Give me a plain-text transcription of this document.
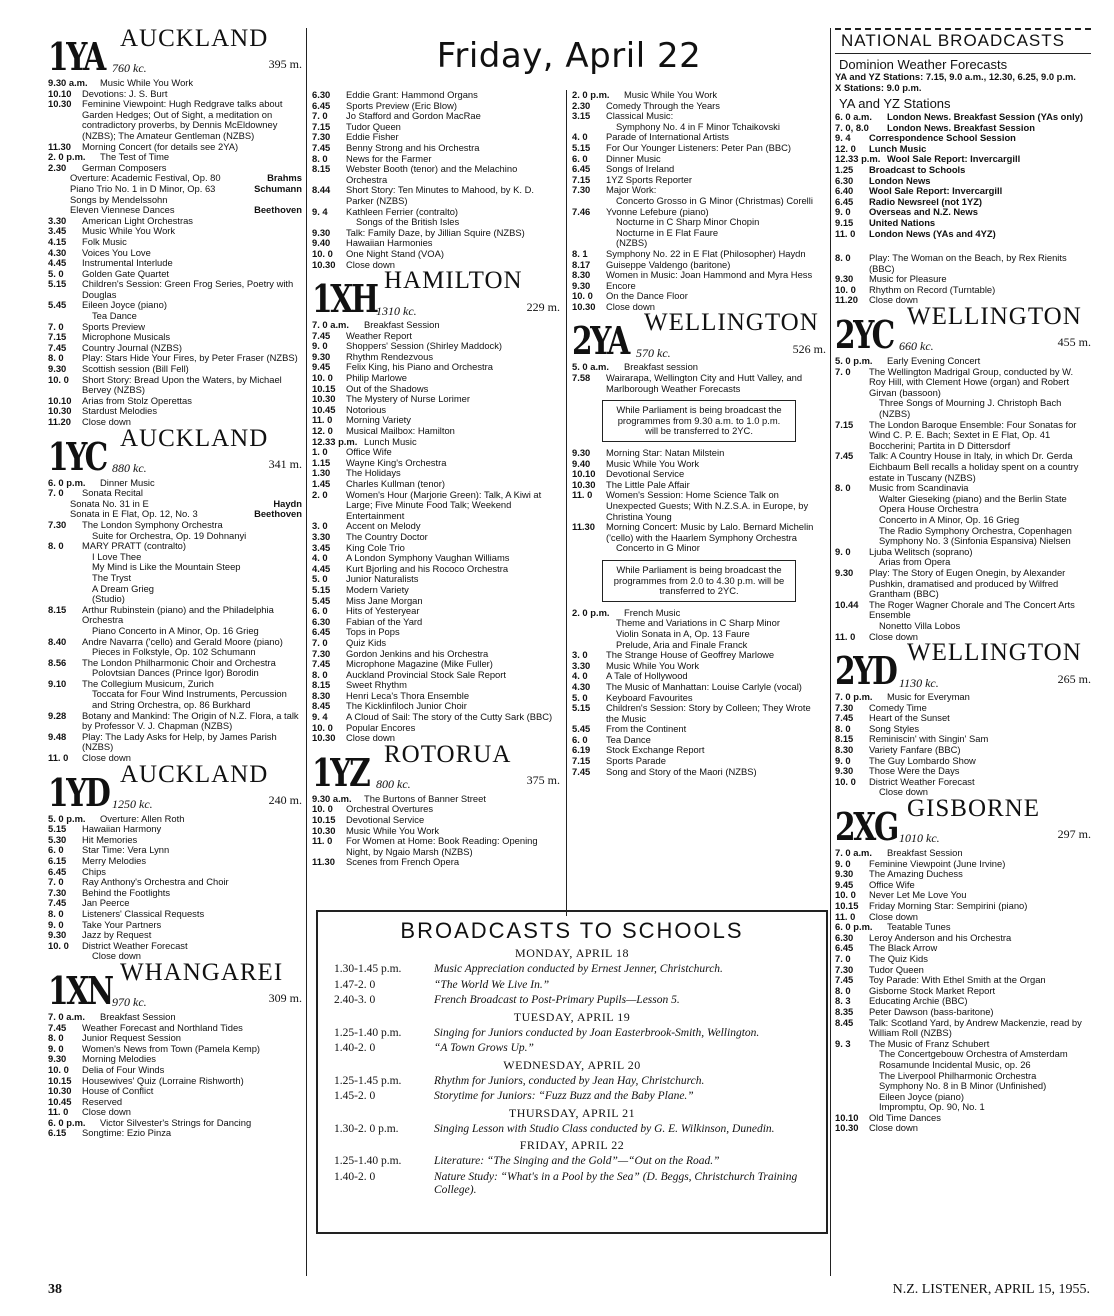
Friday, April 22
1YA AUCKLAND
760 kc.	395 m.
9.30 a.m.	Music While You Work
10.10	Devotions: J. S. Burt
10.30	Feminine Viewpoint: Hugh Redgrave talks about Garden Hedges; Out of Sight, a meditation on contradictory proverbs, by Dennis McEldowney (NZBS); The Amateur Gentleman (NZBS)
11.30	Morning Concert (for details see 2YA)
2. 0 p.m.	The Test of Time
2.30	German Composers
Overture: Academic Festival, Op. 80	Brahms
Piano Trio No. 1 in D Minor, Op. 63	Schumann
Songs by Mendelssohn
Eleven Viennese Dances	Beethoven
3.30	American Light Orchestras
3.45	Music While You Work
4.15	Folk Music
4.30	Voices You Love
4.45	Instrumental Interlude
5. 0	Golden Gate Quartet
5.15	Children's Session: Green Frog Series, Poetry with Douglas
5.45	Eileen Joyce (piano)
Tea Dance
7. 0	Sports Preview
7.15	Microphone Musicals
7.45	Country Journal (NZBS)
8. 0	Play: Stars Hide Your Fires, by Peter Fraser (NZBS)
9.30	Scottish session (Bill Fell)
10. 0	Short Story: Bread Upon the Waters, by Michael Bervey (NZBS)
10.10	Arias from Stolz Operettas
10.30	Stardust Melodies
11.20	Close down
1YC AUCKLAND
880 kc.	341 m.
6. 0 p.m.	Dinner Music
7. 0	Sonata Recital
Sonata No. 31 in E	Haydn
Sonata in E Flat, Op. 12, No. 3	Beethoven
7.30	The London Symphony Orchestra
Suite for Orchestra, Op. 19 Dohnanyi
8. 0	MARY PRATT (contralto)
I Love Thee
My Mind is Like the Mountain Steep
The Tryst
A Dream Grieg
(Studio)
8.15	Arthur Rubinstein (piano) and the Philadelphia Orchestra
Piano Concerto in A Minor, Op. 16 Grieg
8.40	Andre Navarra ('cello) and Gerald Moore (piano)
Pieces in Folkstyle, Op. 102 Schumann
8.56	The London Philharmonic Choir and Orchestra
Polovtsian Dances (Prince Igor) Borodin
9.10	The Collegium Musicum, Zurich
Toccata for Four Wind Instruments, Percussion and String Orchestra, op. 86 Burkhard
9.28	Botany and Mankind: The Origin of N.Z. Flora, a talk by Professor V. J. Chapman (NZBS)
9.48	Play: The Lady Asks for Help, by James Parish (NZBS)
11. 0	Close down
1YD AUCKLAND
1250 kc.	240 m.
5. 0 p.m.	Overture: Allen Roth
5.15	Hawaiian Harmony
5.30	Hit Memories
6. 0	Star Time: Vera Lynn
6.15	Merry Melodies
6.45	Chips
7. 0	Ray Anthony's Orchestra and Choir
7.30	Behind the Footlights
7.45	Jan Peerce
8. 0	Listeners' Classical Requests
9. 0	Take Your Partners
9.30	Jazz by Request
10. 0	District Weather Forecast
Close down
1XN WHANGAREI
970 kc.	309 m.
7. 0 a.m.	Breakfast Session
7.45	Weather Forecast and Northland Tides
8. 0	Junior Request Session
9. 0	Women's News from Town (Pamela Kemp)
9.30	Morning Melodies
10. 0	Delia of Four Winds
10.15	Housewives' Quiz (Lorraine Rishworth)
10.30	House of Conflict
10.45	Reserved
11. 0	Close down
6. 0 p.m.	Victor Silvester's Strings for Dancing
6.15	Songtime: Ezio Pinza
6.30	Eddie Grant: Hammond Organs
6.45	Sports Preview (Eric Blow)
7. 0	Jo Stafford and Gordon MacRae
7.15	Tudor Queen
7.30	Eddie Fisher
7.45	Benny Strong and his Orchestra
8. 0	News for the Farmer
8.15	Webster Booth (tenor) and the Melachino Orchestra
8.44	Short Story: Ten Minutes to Mahood, by K. D. Parker (NZBS)
9. 4	Kathleen Ferrier (contralto)
Songs of the British Isles
9.30	Talk: Family Daze, by Jillian Squire (NZBS)
9.40	Hawaiian Harmonies
10. 0	One Night Stand (VOA)
10.30	Close down
1XH HAMILTON
1310 kc.	229 m.
7. 0 a.m.	Breakfast Session
7.45	Weather Report
9. 0	Shoppers' Session (Shirley Maddock)
9.30	Rhythm Rendezvous
9.45	Felix King, his Piano and Orchestra
10. 0	Philip Marlowe
10.15	Out of the Shadows
10.30	The Mystery of Nurse Lorimer
10.45	Notorious
11. 0	Morning Variety
12. 0	Musical Mailbox: Hamilton
12.33 p.m. Lunch Music
1. 0	Office Wife
1.15	Wayne King's Orchestra
1.30	The Holidays
1.45	Charles Kullman (tenor)
2. 0	Women's Hour (Marjorie Green): Talk, A Kiwi at Large; Five Minute Food Talk; Weekend Entertainment
3. 0	Accent on Melody
3.30	The Country Doctor
3.45	King Cole Trio
4. 0	A London Symphony Vaughan Williams
4.45	Kurt Bjorling and his Rococo Orchestra
5. 0	Junior Naturalists
5.15	Modern Variety
5.45	Miss Jane Morgan
6. 0	Hits of Yesteryear
6.30	Fabian of the Yard
6.45	Tops in Pops
7. 0	Quiz Kids
7.30	Gordon Jenkins and his Orchestra
7.45	Microphone Magazine (Mike Fuller)
8. 0	Auckland Provincial Stock Sale Report
8.15	Sweet Rhythm
8.30	Henri Leca's Thora Ensemble
8.45	The Kicklinfiloch Junior Choir
9. 4	A Cloud of Sail: The story of the Cutty Sark (BBC)
10. 0	Popular Encores
10.30	Close down
1YZ ROTORUA
800 kc.	375 m.
9.30 a.m.	The Burtons of Banner Street
10. 0	Orchestral Overtures
10.15	Devotional Service
10.30	Music While You Work
11. 0	For Women at Home: Book Reading: Opening Night, by Ngaio Marsh (NZBS)
11.30	Scenes from French Opera
2. 0 p.m.	Music While You Work
2.30	Comedy Through the Years
3.15	Classical Music:
Symphony No. 4 in F Minor Tchaikovski
4. 0	Parade of International Artists
5.15	For Our Younger Listeners: Peter Pan (BBC)
6. 0	Dinner Music
6.45	Songs of Ireland
7.15	1YZ Sports Reporter
7.30	Major Work:
Concerto Grosso in G Minor (Christmas) Corelli
7.46	Yvonne Lefebure (piano)
Nocturne in C Sharp Minor Chopin
Nocturne in E Flat Faure
(NZBS)
8. 1	Symphony No. 22 in E Flat (Philosopher) Haydn
8.17	Guiseppe Valdengo (baritone)
8.30	Women in Music: Joan Hammond and Myra Hess
9.30	Encore
10. 0	On the Dance Floor
10.30	Close down
2YA WELLINGTON
570 kc.	526 m.
5. 0 a.m.	Breakfast session
7.58	Wairarapa, Wellington City and Hutt Valley, and Marlborough Weather Forecasts
While Parliament is being broadcast the programmes from 9.30 a.m. to 1.0 p.m. will be transferred to 2YC.
9.30	Morning Star: Natan Milstein
9.40	Music While You Work
10.10	Devotional Service
10.30	The Little Pale Affair
11. 0	Women's Session: Home Science Talk on Unexpected Guests; With N.Z.S.A. in Europe, by Christina Young
11.30	Morning Concert: Music by Lalo. Bernard Michelin ('cello) with the Haarlem Symphony Orchestra
Concerto in G Minor
While Parliament is being broadcast the programmes from 2.0 to 4.30 p.m. will be transferred to 2YC.
2. 0 p.m.	French Music
Theme and Variations in C Sharp Minor
Violin Sonata in A, Op. 13 Faure
Prelude, Aria and Finale Franck
3. 0	The Strange House of Geoffrey Marlowe
3.30	Music While You Work
4. 0	A Tale of Hollywood
4.30	The Music of Manhattan: Louise Carlyle (vocal)
5. 0	Keyboard Favourites
5.15	Children's Session: Story by Colleen; They Wrote the Music
5.45	From the Continent
6. 0	Tea Dance
6.19	Stock Exchange Report
7.15	Sports Parade
7.45	Song and Story of the Maori (NZBS)
NATIONAL BROADCASTS
Dominion Weather Forecasts
YA and YZ Stations: 7.15, 9.0 a.m., 12.30, 6.25, 9.0 p.m.
X Stations: 9.0 p.m.
YA and YZ Stations
6. 0 a.m.	London News. Breakfast Session (YAs only)
7. 0, 8.0	London News. Breakfast Session
9. 4	Correspondence School Session
12. 0	Lunch Music
12.33 p.m. Wool Sale Report: Invercargill
1.25	Broadcast to Schools
6.30	London News
6.40	Wool Sale Report: Invercargill
6.45	Radio Newsreel (not 1YZ)
9. 0	Overseas and N.Z. News
9.15	United Nations
11. 0	London News (YAs and 4YZ)
8. 0	Play: The Woman on the Beach, by Rex Rienits (BBC)
9.30	Music for Pleasure
10. 0	Rhythm on Record (Turntable)
11.20	Close down
2YC WELLINGTON
660 kc.	455 m.
5. 0 p.m.	Early Evening Concert
7. 0	The Wellington Madrigal Group, conducted by W. Roy Hill, with Clement Howe (organ) and Robert Girvan (bassoon)
Three Songs of Mourning J. Christoph Bach
(NZBS)
7.15	The London Baroque Ensemble: Four Sonatas for Wind C. P. E. Bach; Sextet in E Flat, Op. 41 Boccherini; Partita in D Dittersdorf
7.45	Talk: A Country House in Italy, in which Dr. Gerda Eichbaum Bell recalls a holiday spent on a country estate in Tuscany (NZBS)
8. 0	Music from Scandinavia
Walter Gieseking (piano) and the Berlin State Opera House Orchestra
Concerto in A Minor, Op. 16 Grieg
The Radio Symphony Orchestra, Copenhagen
Symphony No. 3 (Sinfonia Espansiva) Nielsen
9. 0	Ljuba Welitsch (soprano)
Arias from Opera
9.30	Play: The Story of Eugen Onegin, by Alexander Pushkin, dramatised and produced by Wilfred Grantham (BBC)
10.44	The Roger Wagner Chorale and The Concert Arts Ensemble
Nonetto Villa Lobos
11. 0	Close down
2YD WELLINGTON
1130 kc.	265 m.
7. 0 p.m.	Music for Everyman
7.30	Comedy Time
7.45	Heart of the Sunset
8. 0	Song Styles
8.15	Reminiscin' with Singin' Sam
8.30	Variety Fanfare (BBC)
9. 0	The Guy Lombardo Show
9.30	Those Were the Days
10. 0	District Weather Forecast
Close down
2XG GISBORNE
1010 kc.	297 m.
7. 0 a.m.	Breakfast Session
9. 0	Feminine Viewpoint (June Irvine)
9.30	The Amazing Duchess
9.45	Office Wife
10. 0	Never Let Me Love You
10.15	Friday Morning Star: Sempirini (piano)
11. 0	Close down
6. 0 p.m.	Teatable Tunes
6.30	Leroy Anderson and his Orchestra
6.45	The Black Arrow
7. 0	The Quiz Kids
7.30	Tudor Queen
7.45	Toy Parade: With Ethel Smith at the Organ
8. 0	Gisborne Stock Market Report
8. 3	Educating Archie (BBC)
8.35	Peter Dawson (bass-baritone)
8.45	Talk: Scotland Yard, by Andrew Mackenzie, read by William Roll (NZBS)
9. 3	The Music of Franz Schubert
The Concertgebouw Orchestra of Amsterdam
Rosamunde Incidental Music, op. 26
The Liverpool Philharmonic Orchestra
Symphony No. 8 in B Minor (Unfinished)
Eileen Joyce (piano)
Impromptu, Op. 90, No. 1
10.10	Old Time Dances
10.30	Close down
BROADCASTS TO SCHOOLS
MONDAY, APRIL 18
1.30-1.45 p.m.	Music Appreciation conducted by Ernest Jenner, Christchurch.
1.47-2. 0	“The World We Live In.”
2.40-3. 0	French Broadcast to Post-Primary Pupils—Lesson 5.
TUESDAY, APRIL 19
1.25-1.40 p.m.	Singing for Juniors conducted by Joan Easterbrook-Smith, Wellington.
1.40-2. 0	“A Town Grows Up.”
WEDNESDAY, APRIL 20
1.25-1.45 p.m.	Rhythm for Juniors, conducted by Jean Hay, Christchurch.
1.45-2. 0	Storytime for Juniors: “Fuzz Buzz and the Baby Plane.”
THURSDAY, APRIL 21
1.30-2. 0 p.m.	Singing Lesson with Studio Class conducted by G. E. Wilkinson, Dunedin.
FRIDAY, APRIL 22
1.25-1.40 p.m.	Literature: “The Singing and the Gold”—“Out on the Road.”
1.40-2. 0	Nature Study: “What's in a Pool by the Sea” (D. Beggs, Christchurch Training College).
38	N.Z. LISTENER, APRIL 15, 1955.
